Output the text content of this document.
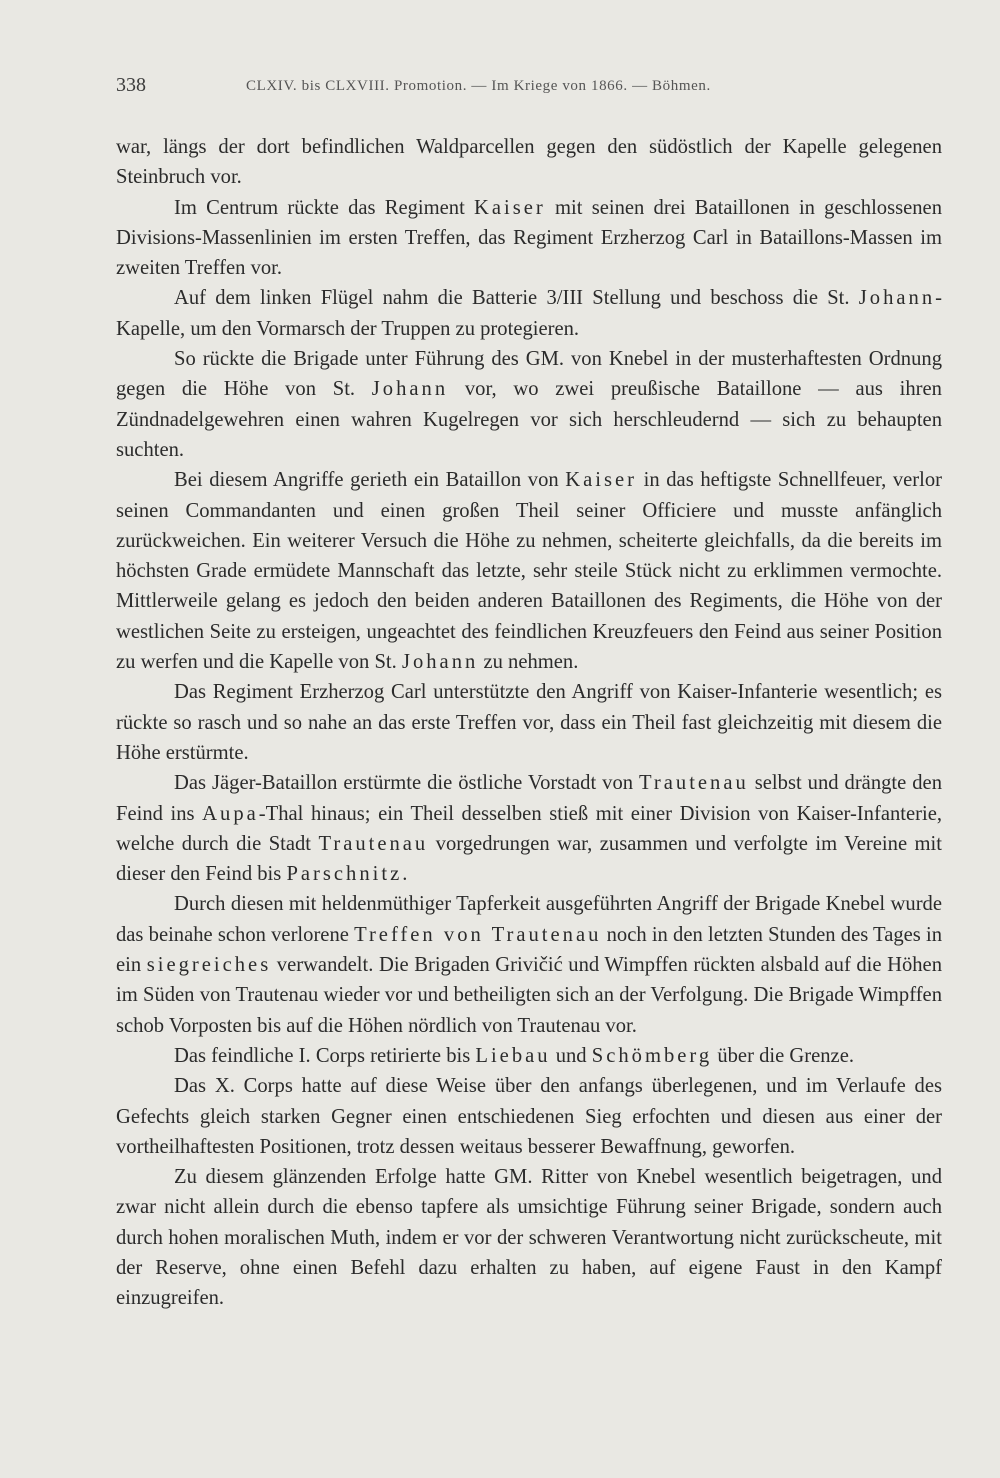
338	CLXIV. bis CLXVIII. Promotion. — Im Kriege von 1866. — Böhmen.

war, längs der dort befindlichen Waldparcellen gegen den südöstlich der Kapelle gelegenen Steinbruch vor.

Im Centrum rückte das Regiment Kaiser mit seinen drei Bataillonen in geschlossenen Divisions-Massenlinien im ersten Treffen, das Regiment Erzherzog Carl in Bataillons-Massen im zweiten Treffen vor.

Auf dem linken Flügel nahm die Batterie 3/III Stellung und beschoss die St. Johann-Kapelle, um den Vormarsch der Truppen zu protegieren.

So rückte die Brigade unter Führung des GM. von Knebel in der musterhaftesten Ordnung gegen die Höhe von St. Johann vor, wo zwei preußische Bataillone — aus ihren Zündnadelgewehren einen wahren Kugelregen vor sich herschleudernd — sich zu behaupten suchten.

Bei diesem Angriffe gerieth ein Bataillon von Kaiser in das heftigste Schnellfeuer, verlor seinen Commandanten und einen großen Theil seiner Officiere und musste anfänglich zurückweichen. Ein weiterer Versuch die Höhe zu nehmen, scheiterte gleichfalls, da die bereits im höchsten Grade ermüdete Mannschaft das letzte, sehr steile Stück nicht zu erklimmen vermochte. Mittlerweile gelang es jedoch den beiden anderen Bataillonen des Regiments, die Höhe von der westlichen Seite zu ersteigen, ungeachtet des feindlichen Kreuzfeuers den Feind aus seiner Position zu werfen und die Kapelle von St. Johann zu nehmen.

Das Regiment Erzherzog Carl unterstützte den Angriff von Kaiser-Infanterie wesentlich; es rückte so rasch und so nahe an das erste Treffen vor, dass ein Theil fast gleichzeitig mit diesem die Höhe erstürmte.

Das Jäger-Bataillon erstürmte die östliche Vorstadt von Trautenau selbst und drängte den Feind ins Aupa-Thal hinaus; ein Theil desselben stieß mit einer Division von Kaiser-Infanterie, welche durch die Stadt Trautenau vorgedrungen war, zusammen und verfolgte im Vereine mit dieser den Feind bis Parschnitz.

Durch diesen mit heldenmüthiger Tapferkeit ausgeführten Angriff der Brigade Knebel wurde das beinahe schon verlorene Treffen von Trautenau noch in den letzten Stunden des Tages in ein siegreiches verwandelt. Die Brigaden Grivičić und Wimpffen rückten alsbald auf die Höhen im Süden von Trautenau wieder vor und betheiligten sich an der Verfolgung. Die Brigade Wimpffen schob Vorposten bis auf die Höhen nördlich von Trautenau vor.

Das feindliche I. Corps retirierte bis Liebau und Schömberg über die Grenze.

Das X. Corps hatte auf diese Weise über den anfangs überlegenen, und im Verlaufe des Gefechts gleich starken Gegner einen entschiedenen Sieg erfochten und diesen aus einer der vortheilhaftesten Positionen, trotz dessen weitaus besserer Bewaffnung, geworfen.

Zu diesem glänzenden Erfolge hatte GM. Ritter von Knebel wesentlich beigetragen, und zwar nicht allein durch die ebenso tapfere als umsichtige Führung seiner Brigade, sondern auch durch hohen moralischen Muth, indem er vor der schweren Verantwortung nicht zurückscheute, mit der Reserve, ohne einen Befehl dazu erhalten zu haben, auf eigene Faust in den Kampf einzugreifen.
